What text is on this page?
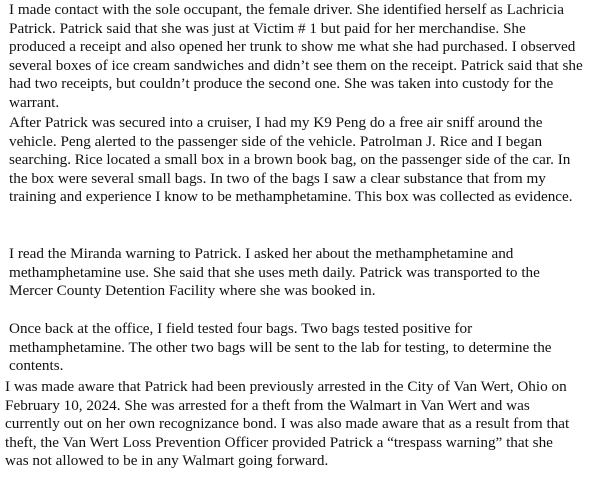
I made contact with the sole occupant, the female driver. She identified herself as Lachricia
Patrick. Patrick said that she was just at Victim # 1 but paid for her merchandise. She
produced a receipt and also opened her trunk to show me what she had purchased. I observed
several boxes of ice cream sandwiches and didn’t see them on the receipt. Patrick said that she
had two receipts, but couldn’t produce the second one. She was taken into custody for the
warrant.
After Patrick was secured into a cruiser, I had my K9 Peng do a free air sniff around the
vehicle. Peng alerted to the passenger side of the vehicle. Patrolman J. Rice and I began
searching. Rice located a small box in a brown book bag, on the passenger side of the car. In
the box were several small bags. In two of the bags I saw a clear substance that from my
training and experience I know to be methamphetamine. This box was collected as evidence.
I read the Miranda warning to Patrick. I asked her about the methamphetamine and
methamphetamine use. She said that she uses meth daily. Patrick was transported to the
Mercer County Detention Facility where she was booked in.
Once back at the office, I field tested four bags. Two bags tested positive for
methamphetamine. The other two bags will be sent to the lab for testing, to determine the
contents.
I was made aware that Patrick had been previously arrested in the City of Van Wert, Ohio on
February 10, 2024. She was arrested for a theft from the Walmart in Van Wert and was
currently out on her own recognizance bond. I was also made aware that as a result from that
theft, the Van Wert Loss Prevention Officer provided Patrick a “trespass warning” that she
was not allowed to be in any Walmart going forward.
